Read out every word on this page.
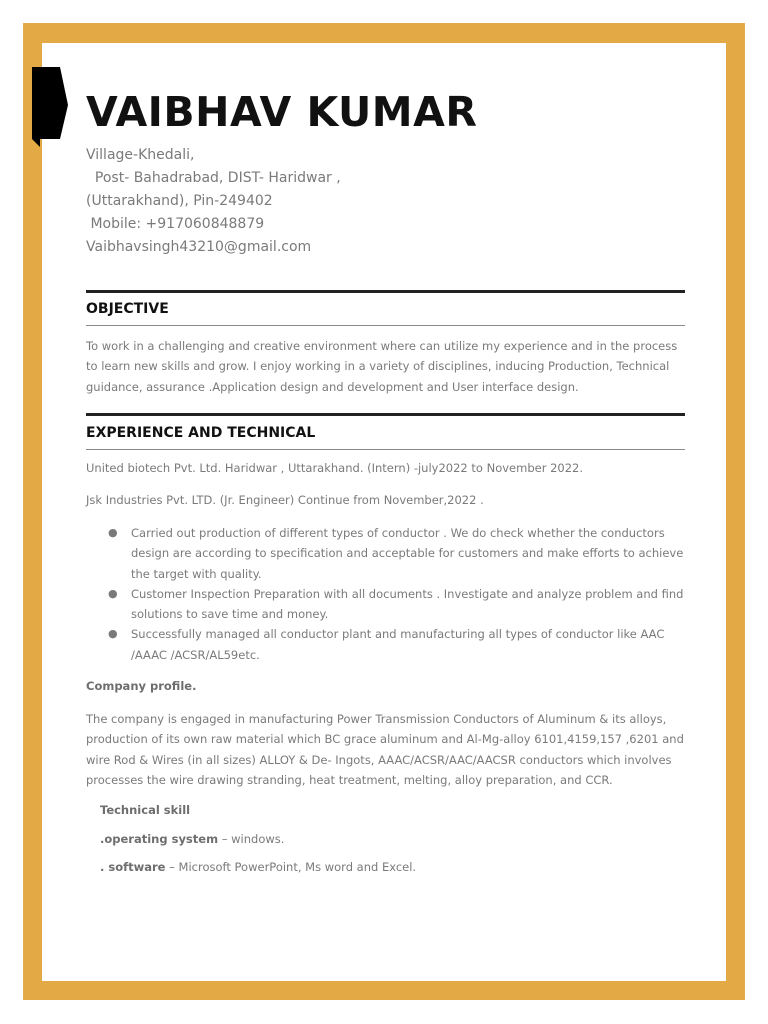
VAIBHAV KUMAR
Village-Khedali,
Post- Bahadrabad, DIST- Haridwar ,
(Uttarakhand), Pin-249402
Mobile: +917060848879
Vaibhavsingh43210@gmail.com
OBJECTIVE
To work in a challenging and creative environment where can utilize my experience and in the process to learn new skills and grow. I enjoy working in a variety of disciplines, inducing Production, Technical guidance, assurance .Application design and development and User interface design.
EXPERIENCE AND TECHNICAL
United biotech Pvt. Ltd. Haridwar , Uttarakhand. (Intern) -july2022 to November 2022.
Jsk Industries Pvt. LTD. (Jr. Engineer) Continue from November,2022 .
● Carried out production of different types of conductor . We do check whether the conductors design are according to specification and acceptable for customers and make efforts to achieve the target with quality.
● Customer Inspection Preparation with all documents . Investigate and analyze problem and find solutions to save time and money.
● Successfully managed all conductor plant and manufacturing all types of conductor like AAC /AAAC /ACSR/AL59etc.
Company profile.
The company is engaged in manufacturing Power Transmission Conductors of Aluminum & its alloys, production of its own raw material which BC grace aluminum and Al-Mg-alloy 6101,4159,157 ,6201 and wire Rod & Wires (in all sizes) ALLOY & De- Ingots, AAAC/ACSR/AAC/AACSR conductors which involves processes the wire drawing stranding, heat treatment, melting, alloy preparation, and CCR.
Technical skill
.operating system – windows.
. software – Microsoft PowerPoint, Ms word and Excel.
